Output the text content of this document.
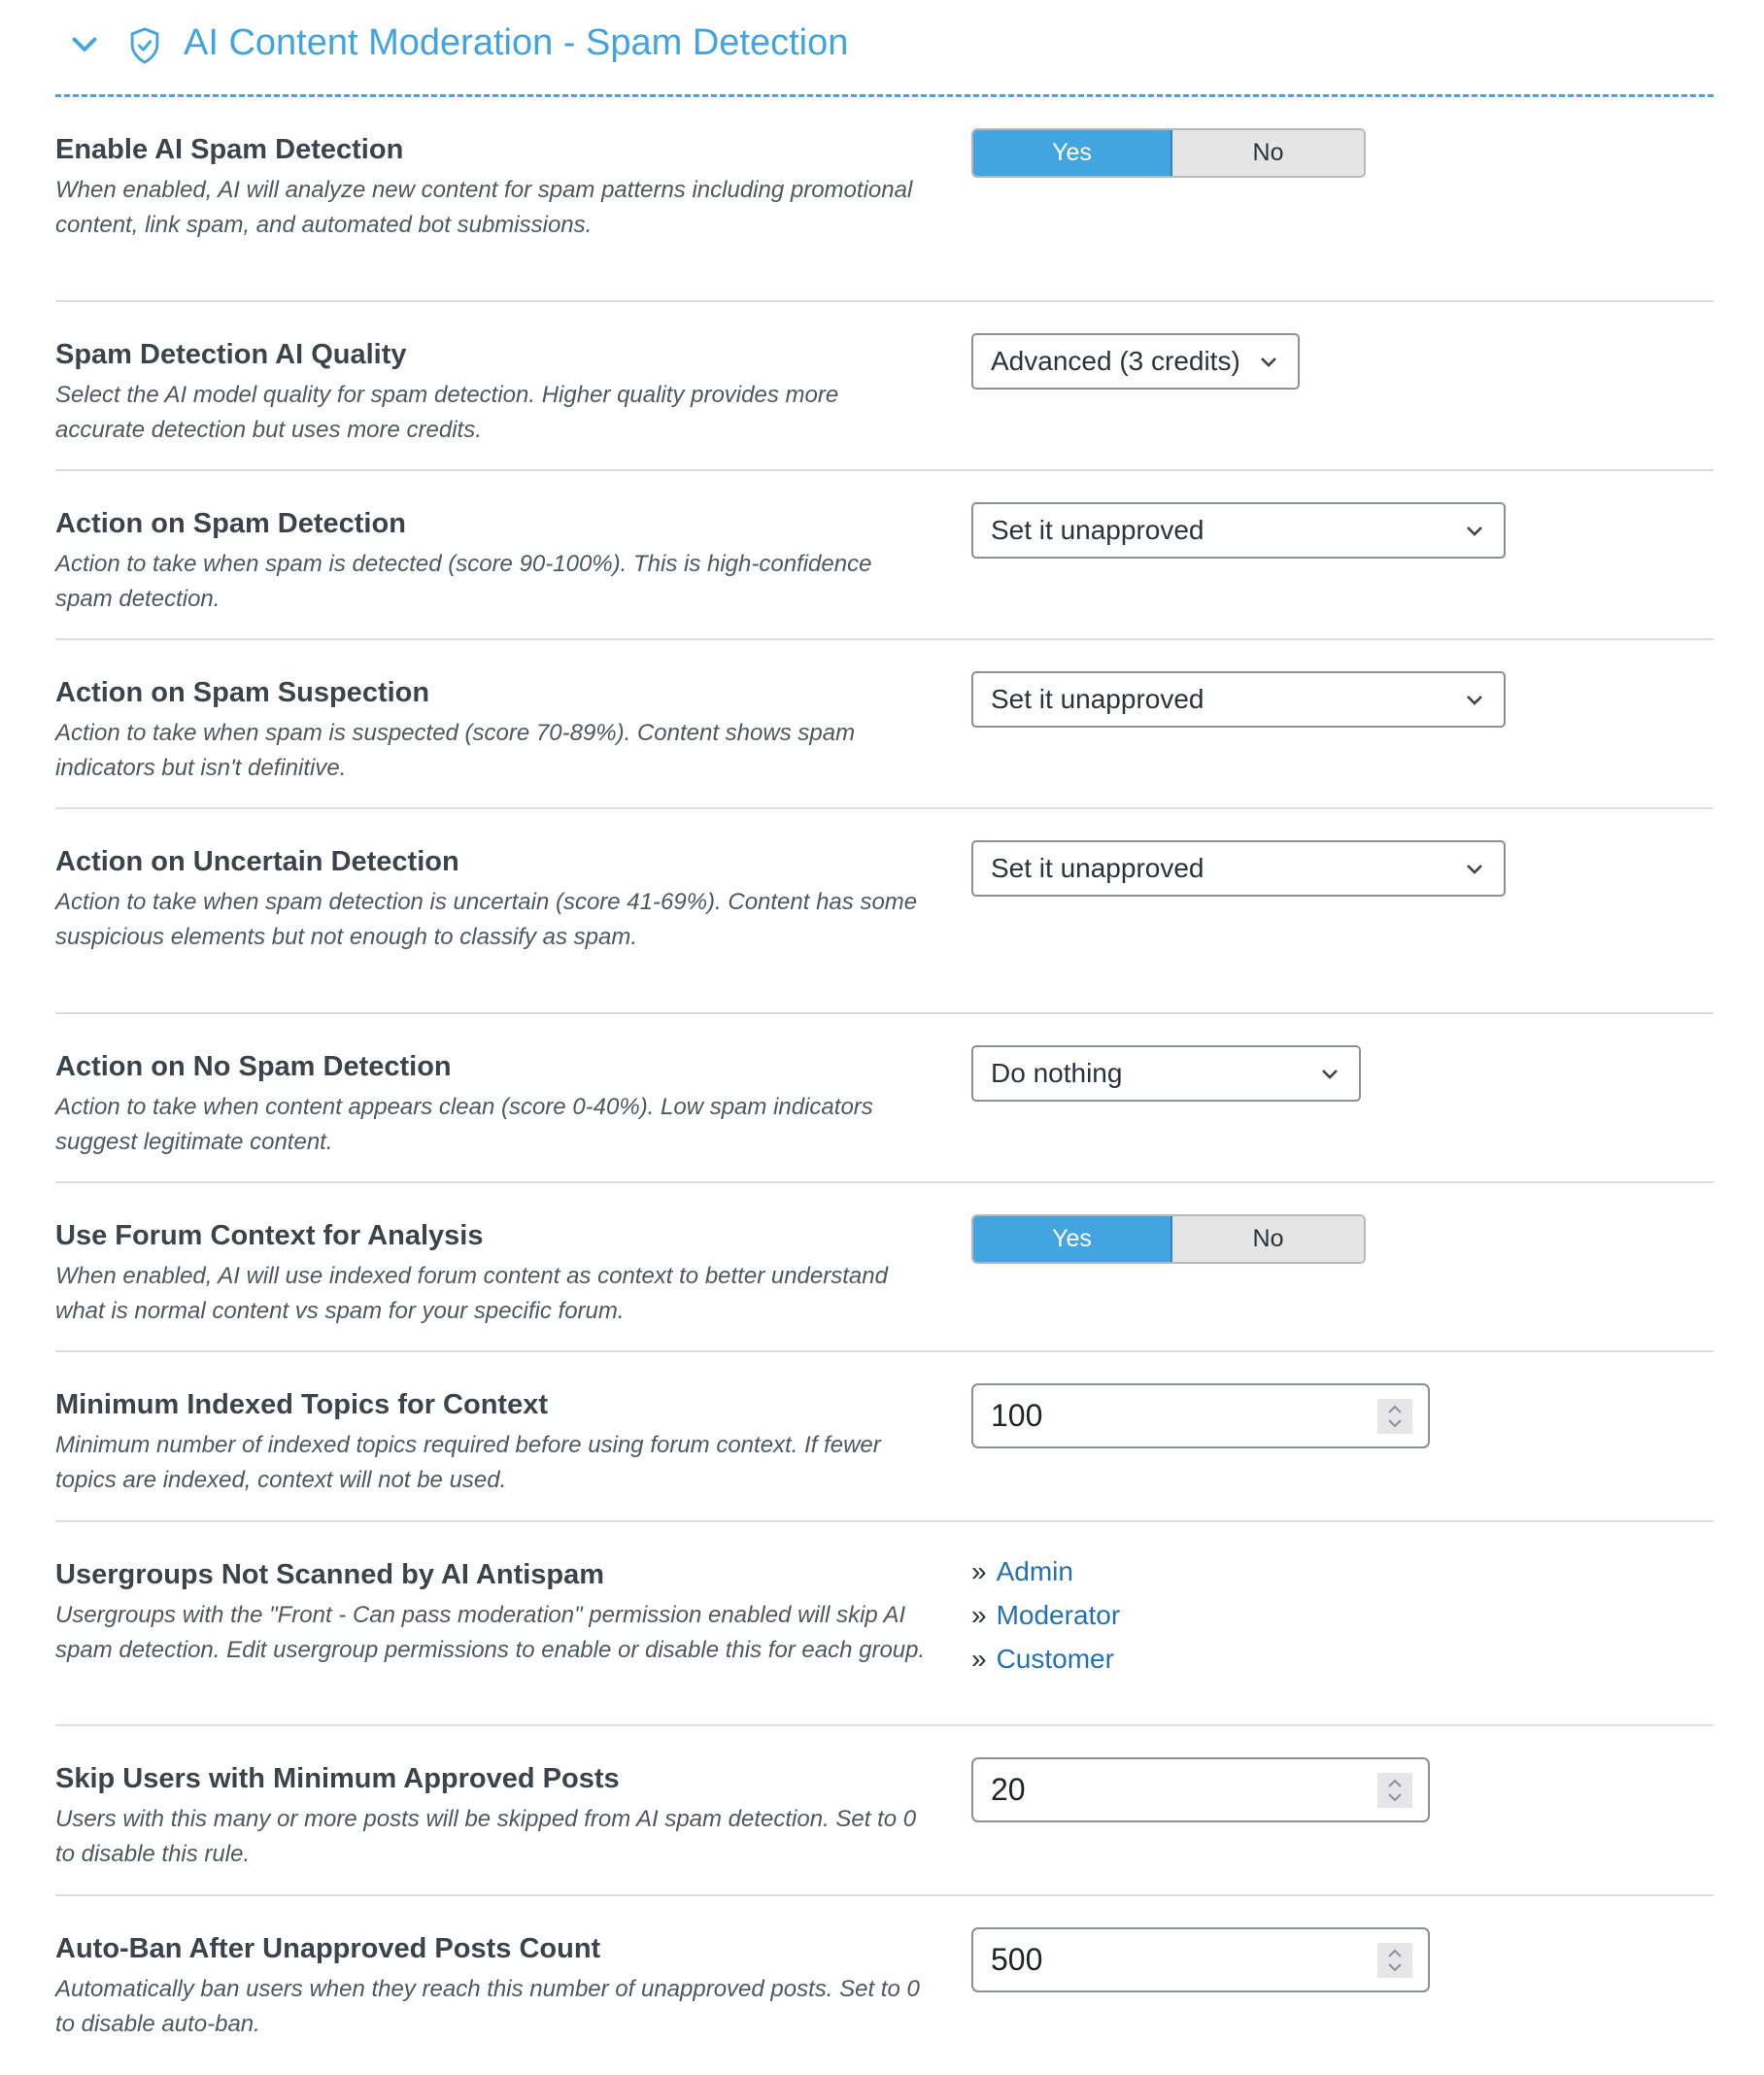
AI Content Moderation - Spam Detection
Enable AI Spam Detection
When enabled, AI will analyze new content for spam patterns including promotional content, link spam, and automated bot submissions.
Yes	No
Spam Detection AI Quality
Select the AI model quality for spam detection. Higher quality provides more accurate detection but uses more credits.
Advanced (3 credits)
Action on Spam Detection
Action to take when spam is detected (score 90-100%). This is high-confidence spam detection.
Set it unapproved
Action on Spam Suspection
Action to take when spam is suspected (score 70-89%). Content shows spam indicators but isn't definitive.
Set it unapproved
Action on Uncertain Detection
Action to take when spam detection is uncertain (score 41-69%). Content has some suspicious elements but not enough to classify as spam.
Set it unapproved
Action on No Spam Detection
Action to take when content appears clean (score 0-40%). Low spam indicators suggest legitimate content.
Do nothing
Use Forum Context for Analysis
When enabled, AI will use indexed forum content as context to better understand what is normal content vs spam for your specific forum.
Yes	No
Minimum Indexed Topics for Context
Minimum number of indexed topics required before using forum context. If fewer topics are indexed, context will not be used.
100
Usergroups Not Scanned by AI Antispam
Usergroups with the "Front - Can pass moderation" permission enabled will skip AI spam detection. Edit usergroup permissions to enable or disable this for each group.
» Admin
» Moderator
» Customer
Skip Users with Minimum Approved Posts
Users with this many or more posts will be skipped from AI spam detection. Set to 0 to disable this rule.
20
Auto-Ban After Unapproved Posts Count
Automatically ban users when they reach this number of unapproved posts. Set to 0 to disable auto-ban.
500
